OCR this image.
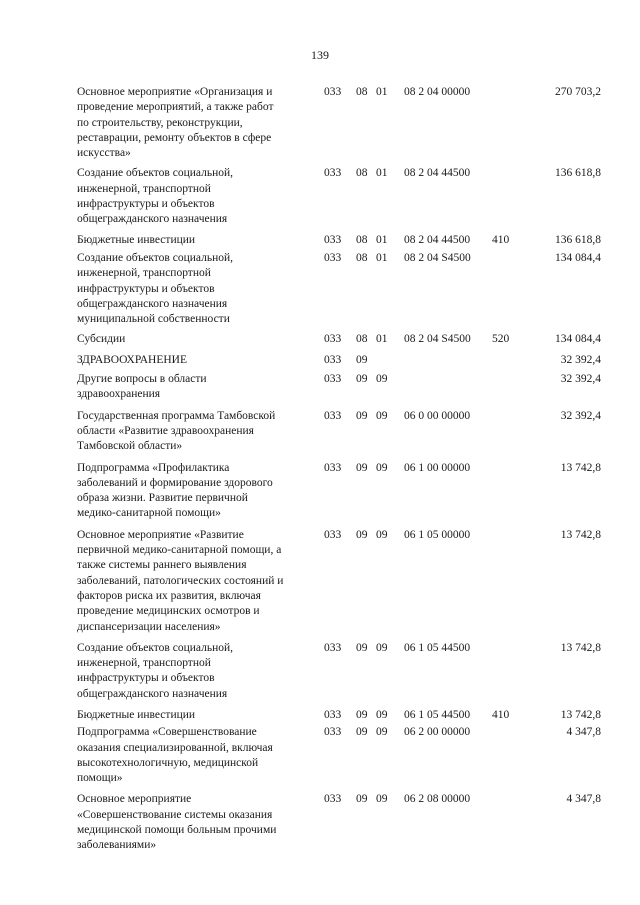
139
Основное мероприятие «Организация и
проведение мероприятий, а также работ
по строительству, реконструкции,
реставрации, ремонту объектов в сфере
искусства»
033 08 01 08 2 04 00000	270 703,2
Создание объектов социальной,
инженерной, транспортной
инфраструктуры и объектов
общегражданского назначения
033 08 01 08 2 04 44500	136 618,8
Бюджетные инвестиции	033 08 01 08 2 04 44500 410	136 618,8
Создание объектов социальной,
инженерной, транспортной
инфраструктуры и объектов
общегражданского назначения
муниципальной собственности
033 08 01 08 2 04 S4500	134 084,4
Субсидии	033 08 01 08 2 04 S4500 520	134 084,4
ЗДРАВООХРАНЕНИЕ	033 09	32 392,4
Другие вопросы в области
здравоохранения
033 09 09	32 392,4
Государственная программа Тамбовской
области «Развитие здравоохранения
Тамбовской области»
033 09 09 06 0 00 00000	32 392,4
Подпрограмма «Профилактика
заболеваний и формирование здорового
образа жизни. Развитие первичной
медико-санитарной помощи»
033 09 09 06 1 00 00000	13 742,8
Основное мероприятие «Развитие
первичной медико-санитарной помощи, а
также системы раннего выявления
заболеваний, патологических состояний и
факторов риска их развития, включая
проведение медицинских осмотров и
диспансеризации населения»
033 09 09 06 1 05 00000	13 742,8
Создание объектов социальной,
инженерной, транспортной
инфраструктуры и объектов
общегражданского назначения
033 09 09 06 1 05 44500	13 742,8
Бюджетные инвестиции	033 09 09 06 1 05 44500 410	13 742,8
Подпрограмма «Совершенствование
оказания специализированной, включая
высокотехнологичную, медицинской
помощи»
033 09 09 06 2 00 00000	4 347,8
Основное мероприятие
«Совершенствование системы оказания
медицинской помощи больным прочими
заболеваниями»
033 09 09 06 2 08 00000	4 347,8
